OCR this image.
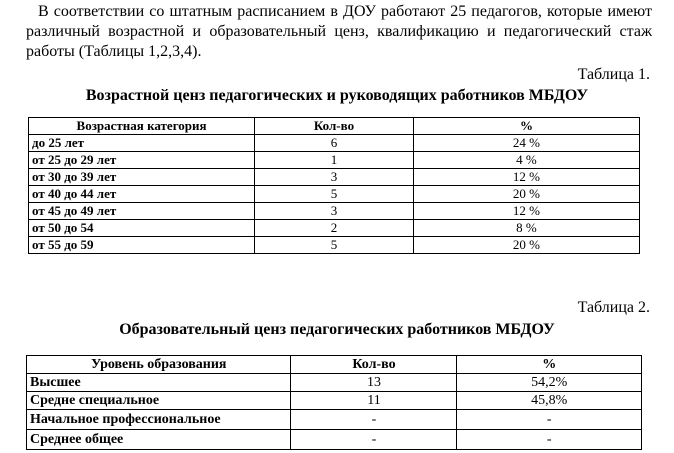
В соответствии со штатным расписанием в ДОУ работают 25 педагогов, которые имеют различный возрастной и образовательный ценз, квалификацию и педагогический стаж работы (Таблицы 1,2,3,4).

Таблица 1.

Возрастной ценз педагогических и руководящих работников МБДОУ

Возрастная категория	Кол-во	%
до 25 лет	6	24 %
от 25 до 29 лет	1	4 %
от 30 до 39 лет	3	12 %
от 40 до 44 лет	5	20 %
от 45 до 49 лет	3	12 %
от 50 до 54	2	8 %
от 55 до 59	5	20 %

Таблица 2.

Образовательный ценз педагогических работников МБДОУ

Уровень образования	Кол-во	%
Высшее	13	54,2%
Средне специальное	11	45,8%
Начальное профессиональное	-	-
Среднее общее	-	-
